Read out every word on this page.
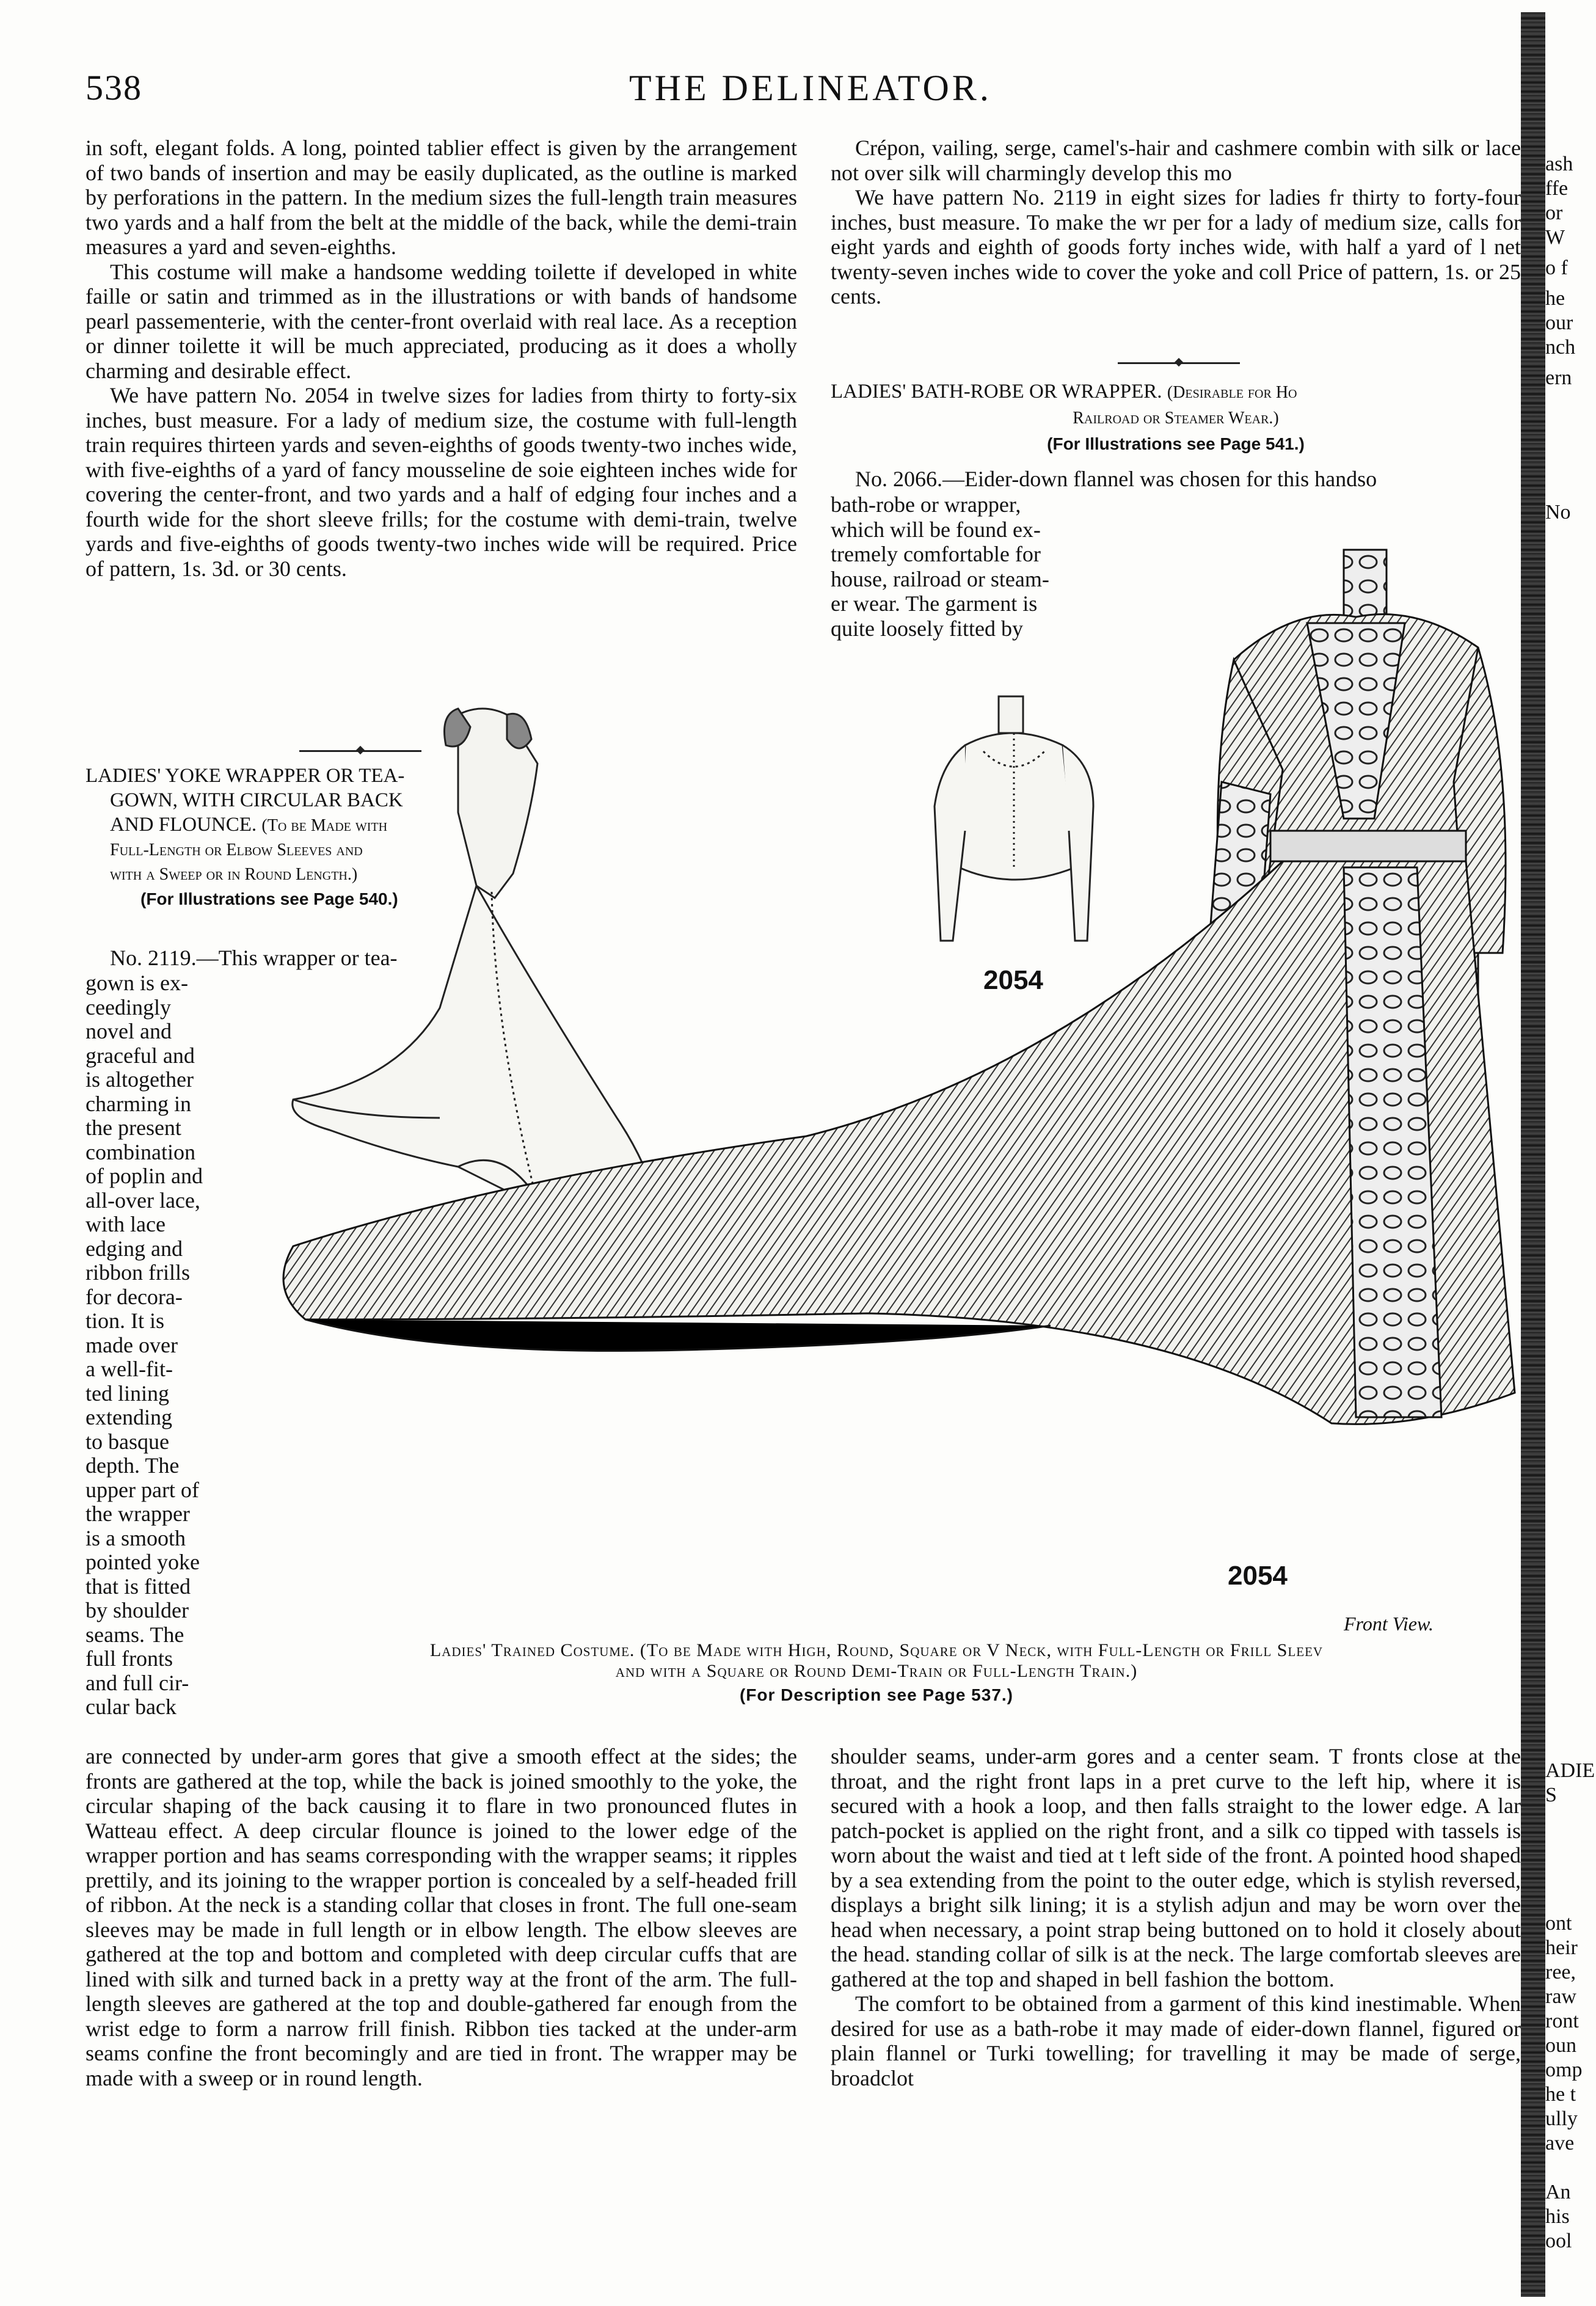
538	THE DELINEATOR.

in soft, elegant folds. A long, pointed tablier effect is given by the arrangement of two bands of insertion and may be easily duplicated, as the outline is marked by perforations in the pattern. In the medium sizes the full-length train measures two yards and a half from the belt at the middle of the back, while the demi-train measures a yard and seven-eighths.

This costume will make a handsome wedding toilette if developed in white faille or satin and trimmed as in the illustrations or with bands of handsome pearl passementerie, with the center-front overlaid with real lace. As a reception or dinner toilette it will be much appreciated, producing as it does a wholly charming and desirable effect.

We have pattern No. 2054 in twelve sizes for ladies from thirty to forty-six inches, bust measure. For a lady of medium size, the costume with full-length train requires thirteen yards and seven-eighths of goods twenty-two inches wide, with five-eighths of a yard of fancy mousseline de soie eighteen inches wide for covering the center-front, and two yards and a half of edging four inches and a fourth wide for the short sleeve frills; for the costume with demi-train, twelve yards and five-eighths of goods twenty-two inches wide will be required. Price of pattern, 1s. 3d. or 30 cents.

LADIES' YOKE WRAPPER OR TEA-
GOWN, WITH CIRCULAR BACK
AND FLOUNCE. (To be Made with
Full-Length or Elbow Sleeves and
with a Sweep or in Round Length.)
(For Illustrations see Page 540.)
No. 2119.—This wrapper or tea-
gown is ex-
ceedingly
novel and
graceful and
is altogether
charming in
the present
combination
of poplin and
all-over lace,
with lace
edging and
ribbon frills
for decora-
tion. It is
made over
a well-fit-
ted lining
extending
to basque
depth. The
upper part of
the wrapper
is a smooth
pointed yoke
that is fitted
by shoulder
seams. The
full fronts
and full cir-
cular back
are connected by under-arm gores that give a smooth effect at the sides; the fronts are gathered at the top, while the back is joined smoothly to the yoke, the circular shaping of the back causing it to flare in two pronounced flutes in Watteau effect. A deep circular flounce is joined to the lower edge of the wrapper portion and has seams corresponding with the wrapper seams; it ripples prettily, and its joining to the wrapper portion is concealed by a self-headed frill of ribbon. At the neck is a standing collar that closes in front. The full one-seam sleeves may be made in full length or in elbow length. The elbow sleeves are gathered at the top and bottom and completed with deep circular cuffs that are lined with silk and turned back in a pretty way at the front of the arm. The full-length sleeves are gathered at the top and double-gathered far enough from the wrist edge to form a narrow frill finish. Ribbon ties tacked at the under-arm seams confine the front becomingly and are tied in front. The wrapper may be made with a sweep or in round length.

Crépon, vailing, serge, camel's-hair and cashmere combin with silk or lace not over silk will charmingly develop this mo

We have pattern No. 2119 in eight sizes for ladies fr thirty to forty-four inches, bust measure. To make the wr per for a lady of medium size, calls for eight yards and eighth of goods forty inches wide, with half a yard of l net twenty-seven inches wide to cover the yoke and coll Price of pattern, 1s. or 25 cents.

LADIES' BATH-ROBE OR WRAPPER. (Desirable for Ho
Railroad or Steamer Wear.)
(For Illustrations see Page 541.)
No. 2066.—Eider-down flannel was chosen for this handso
bath-robe or wrapper,
which will be found ex-
tremely comfortable for
house, railroad or steam-
er wear. The garment is
quite loosely fitted by

shoulder seams, under-arm gores and a center seam. T fronts close at the throat, and the right front laps in a pret curve to the left hip, where it is secured with a hook a loop, and then falls straight to the lower edge. A lar patch-pocket is applied on the right front, and a silk co tipped with tassels is worn about the waist and tied at t left side of the front. A pointed hood shaped by a sea extending from the point to the outer edge, which is stylish reversed, displays a bright silk lining; it is a stylish adjun and may be worn over the head when necessary, a point strap being buttoned on to hold it closely about the head. standing collar of silk is at the neck. The large comfortab sleeves are gathered at the top and shaped in bell fashion the bottom.

The comfort to be obtained from a garment of this kind inestimable. When desired for use as a bath-robe it may made of eider-down flannel, figured or plain flannel or Turki towelling; for travelling it may be made of serge, broadclot

2054
2054
Front View.
Ladies' Trained Costume. (To be Made with High, Round, Square or V Neck, with Full-Length or Frill Sleev
and with a Square or Round Demi-Train or Full-Length Train.)
(For Description see Page 537.)
ash
ffe
or
W
o f
he
our
nch
ern
No
ADIE
S
ont
heir
ree,
raw
ront
oun
omp
he t
ully
ave
An
his
ool
